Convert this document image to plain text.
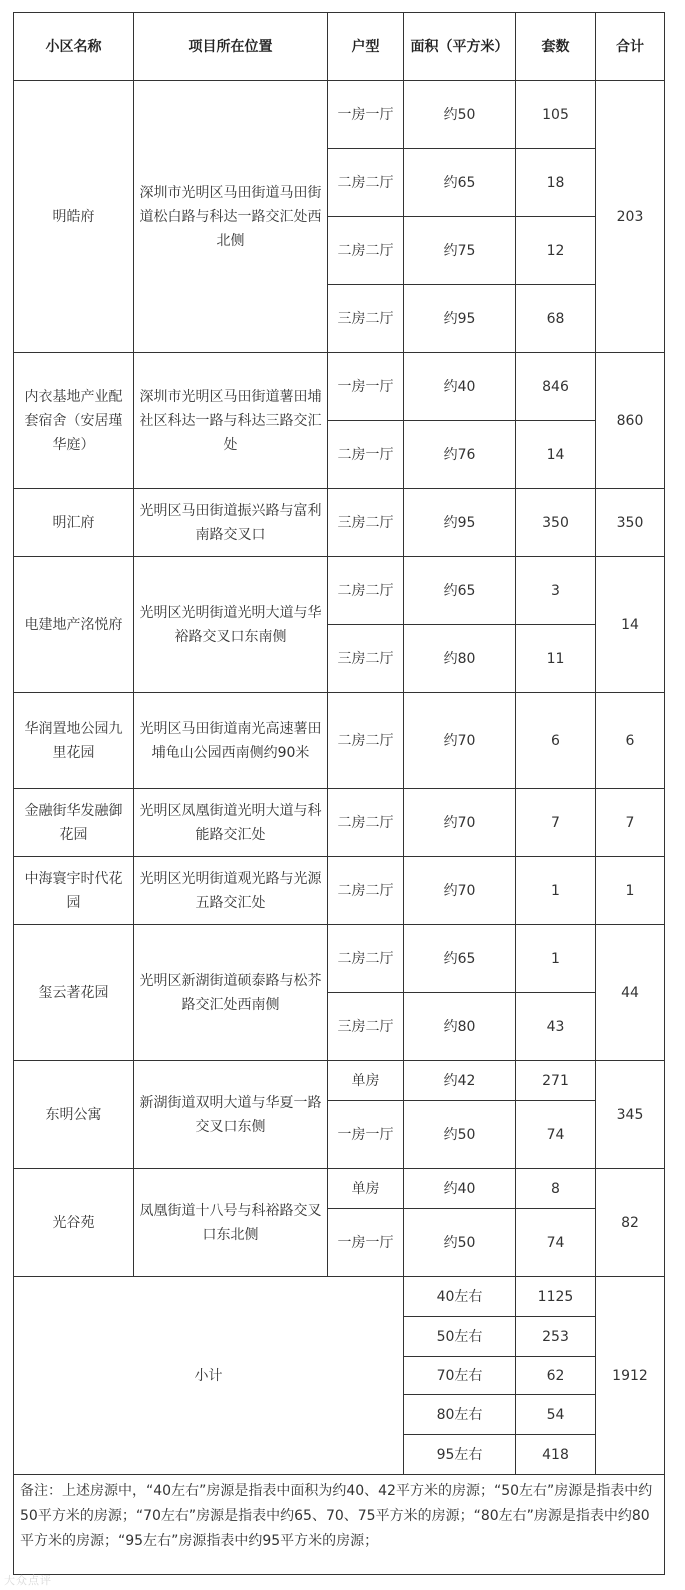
小区名称	项目所在位置	户型	面积（平方米）	套数	合计
明皓府	深圳市光明区马田街道马田街道松白路与科达一路交汇处西北侧	一房一厅	约50	105	203
		二房二厅	约65	18	
		二房二厅	约75	12	
		三房二厅	约95	68	
内衣基地产业配套宿舍（安居瑾华庭）	深圳市光明区马田街道薯田埔社区科达一路与科达三路交汇处	一房一厅	约40	846	860
		二房一厅	约76	14	
明汇府	光明区马田街道振兴路与富利南路交叉口	三房二厅	约95	350	350
电建地产洺悦府	光明区光明街道光明大道与华裕路交叉口东南侧	二房二厅	约65	3	14
		三房二厅	约80	11	
华润置地公园九里花园	光明区马田街道南光高速薯田埔龟山公园西南侧约90米	二房二厅	约70	6	6
金融街华发融御花园	光明区凤凰街道光明大道与科能路交汇处	二房二厅	约70	7	7
中海寰宇时代花园	光明区光明街道观光路与光源五路交汇处	二房二厅	约70	1	1
玺云著花园	光明区新湖街道硕泰路与松芥路交汇处西南侧	二房二厅	约65	1	44
		三房二厅	约80	43	
东明公寓	新湖街道双明大道与华夏一路交叉口东侧	单房	约42	271	345
		一房一厅	约50	74	
光谷苑	凤凰街道十八号与科裕路交叉口东北侧	单房	约40	8	82
		一房一厅	约50	74	
小计			40左右	1125	1912
			50左右	253	
			70左右	62	
			80左右	54	
			95左右	418	
备注：上述房源中，“40左右”房源是指表中面积为约40、42平方米的房源；“50左右”房源是指表中约50平方米的房源；“70左右”房源是指表中约65、70、75平方米的房源；“80左右”房源是指表中约80平方米的房源；“95左右”房源指表中约95平方米的房源；					
大众点评
